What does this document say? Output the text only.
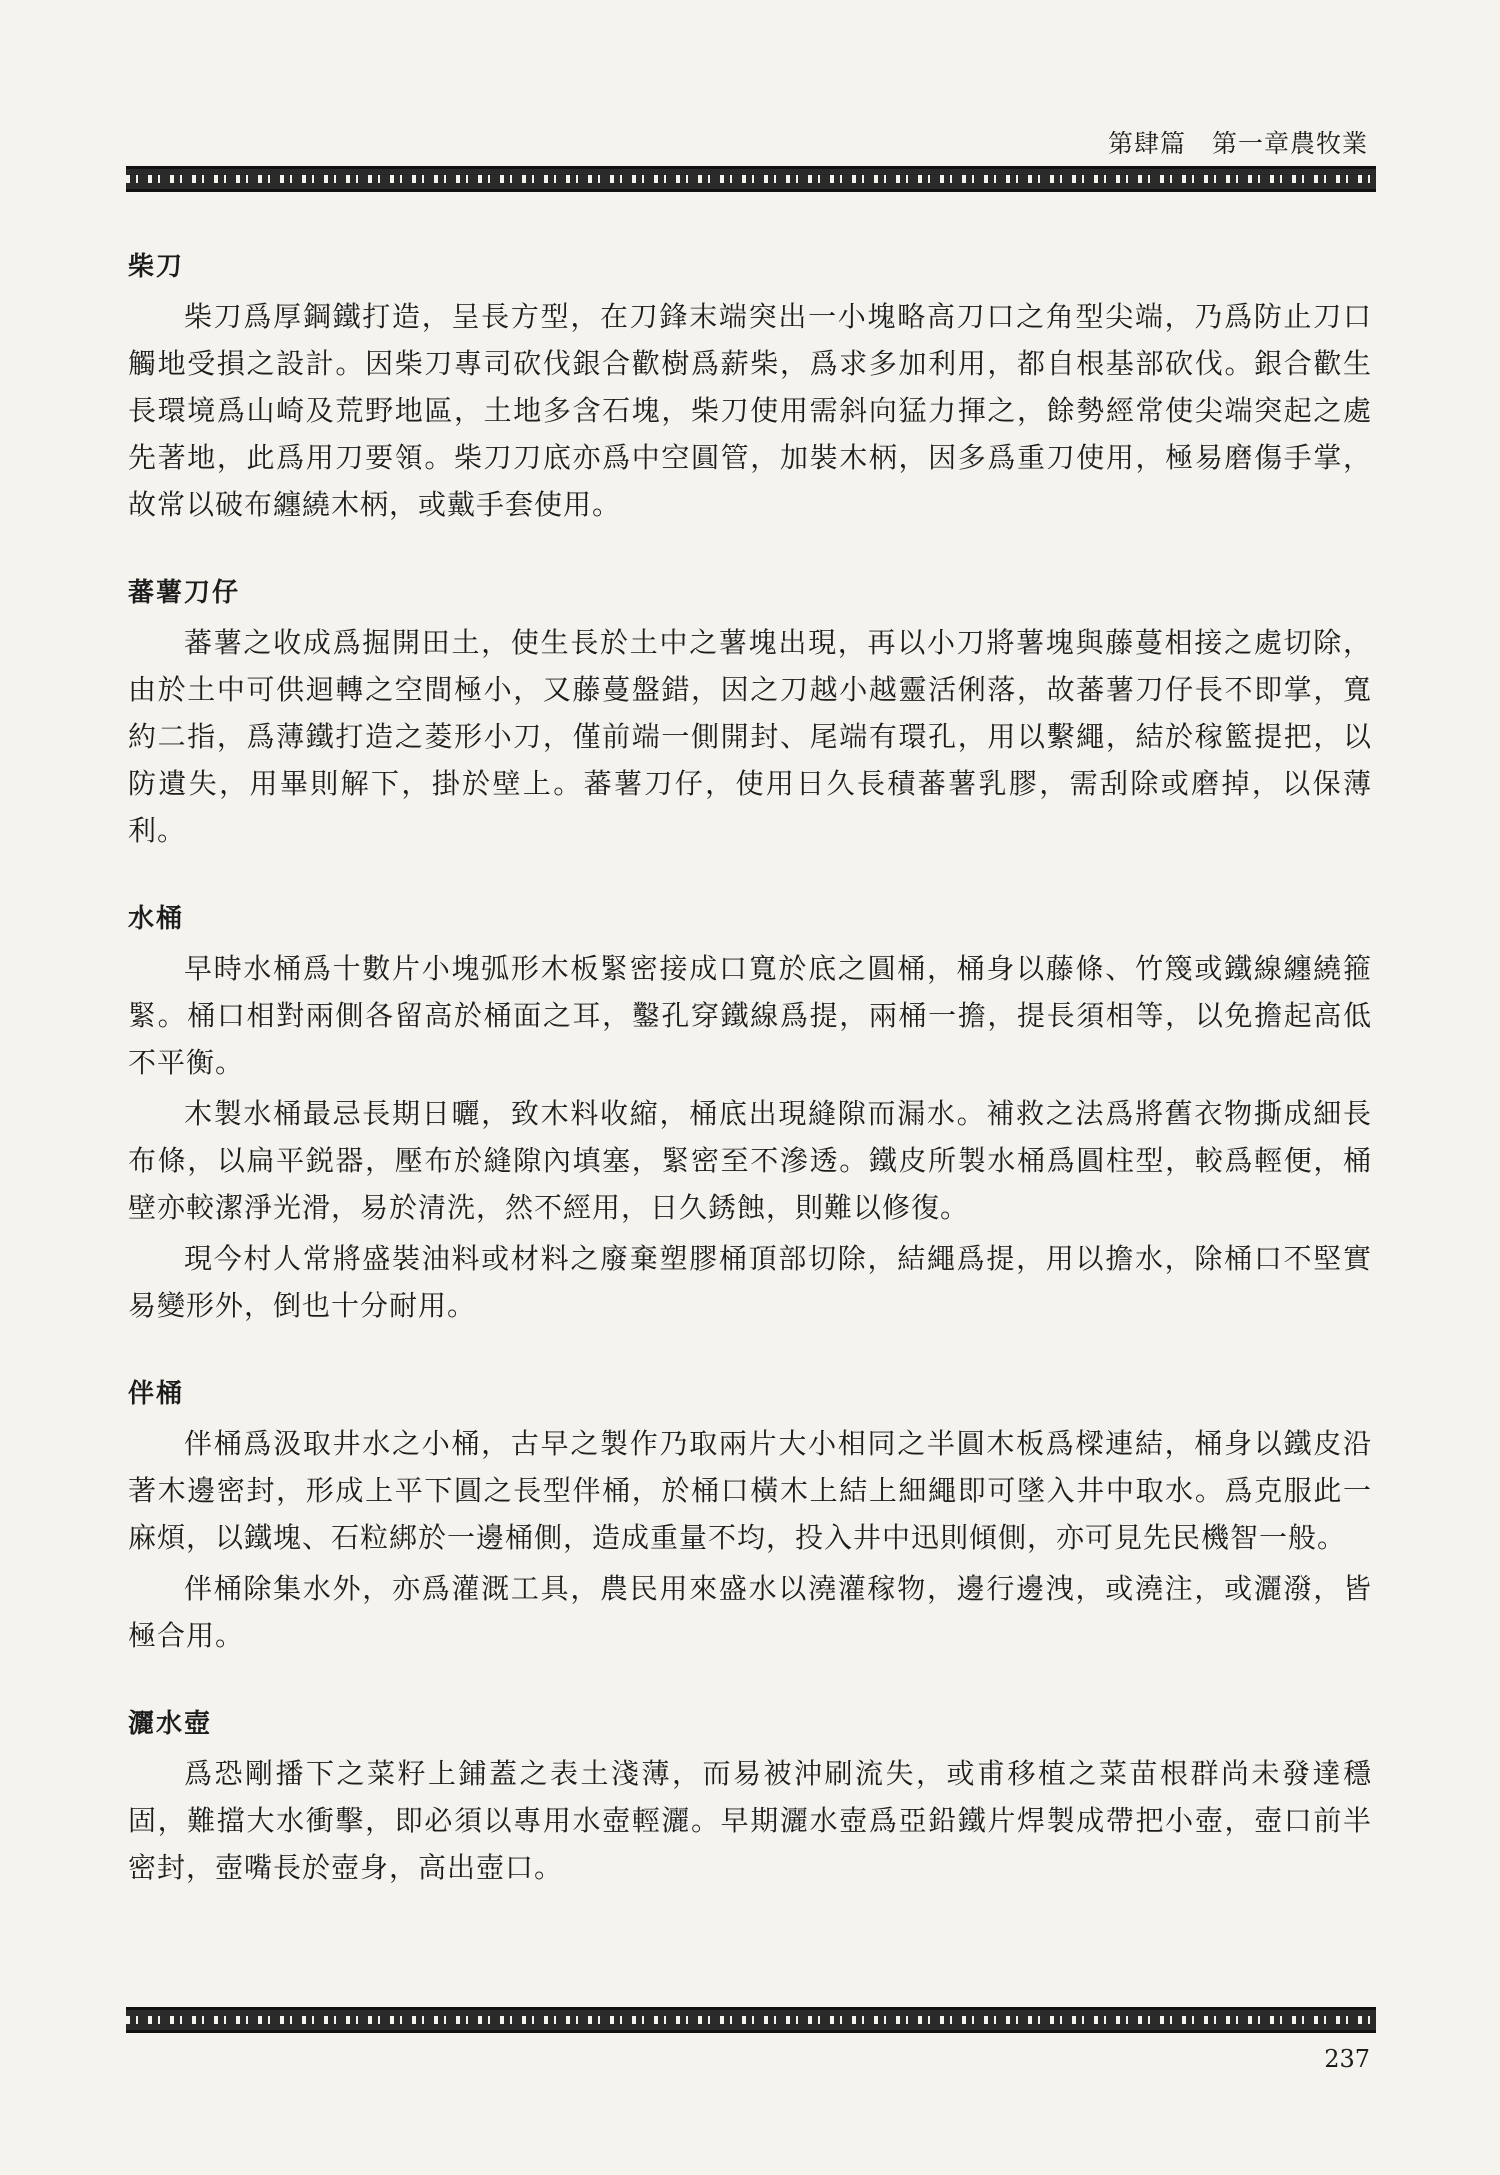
第肆篇　第一章農牧業
柴刀

柴刀爲厚鋼鐵打造，呈長方型，在刀鋒末端突出一小塊略高刀口之角型尖端，乃爲防止刀口觸地受損之設計。因柴刀專司砍伐銀合歡樹爲薪柴，爲求多加利用，都自根基部砍伐。銀合歡生長環境爲山崎及荒野地區，土地多含石塊，柴刀使用需斜向猛力揮之，餘勢經常使尖端突起之處先著地，此爲用刀要領。柴刀刀底亦爲中空圓管，加裝木柄，因多爲重刀使用，極易磨傷手掌，故常以破布纏繞木柄，或戴手套使用。

蕃薯刀仔

蕃薯之收成爲掘開田土，使生長於土中之薯塊出現，再以小刀將薯塊與藤蔓相接之處切除，由於土中可供迴轉之空間極小，又藤蔓盤錯，因之刀越小越靈活俐落，故蕃薯刀仔長不即掌，寬約二指，爲薄鐵打造之菱形小刀，僅前端一側開封、尾端有環孔，用以繫繩，結於稼籃提把，以防遺失，用畢則解下，掛於壁上。蕃薯刀仔，使用日久長積蕃薯乳膠，需刮除或磨掉，以保薄利。

水桶

早時水桶爲十數片小塊弧形木板緊密接成口寬於底之圓桶，桶身以藤條、竹篾或鐵線纏繞箍緊。桶口相對兩側各留高於桶面之耳，鑿孔穿鐵線爲提，兩桶一擔，提長須相等，以免擔起高低不平衡。

木製水桶最忌長期日曬，致木料收縮，桶底出現縫隙而漏水。補救之法爲將舊衣物撕成細長布條，以扁平鋭器，壓布於縫隙內填塞，緊密至不滲透。鐵皮所製水桶爲圓柱型，較爲輕便，桶壁亦較潔淨光滑，易於清洗，然不經用，日久銹蝕，則難以修復。

現今村人常將盛裝油料或材料之廢棄塑膠桶頂部切除，結繩爲提，用以擔水，除桶口不堅實易變形外，倒也十分耐用。

伴桶

伴桶爲汲取井水之小桶，古早之製作乃取兩片大小相同之半圓木板爲樑連結，桶身以鐵皮沿著木邊密封，形成上平下圓之長型伴桶，於桶口橫木上結上細繩即可墜入井中取水。爲克服此一麻煩，以鐵塊、石粒綁於一邊桶側，造成重量不均，投入井中迅則傾側，亦可見先民機智一般。

伴桶除集水外，亦爲灌溉工具，農民用來盛水以澆灌稼物，邊行邊洩，或澆注，或灑潑，皆極合用。

灑水壺

爲恐剛播下之菜籽上鋪蓋之表土淺薄，而易被沖刷流失，或甫移植之菜苗根群尚未發達穩固，難擋大水衝擊，即必須以專用水壺輕灑。早期灑水壺爲亞鉛鐵片焊製成帶把小壺，壺口前半密封，壺嘴長於壺身，高出壺口。

237
